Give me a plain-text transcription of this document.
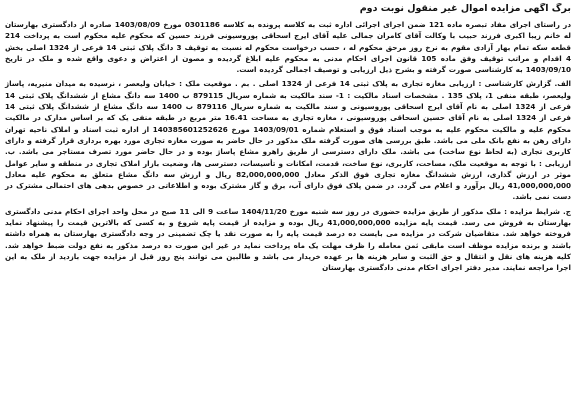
برگ آگهی مزایده اموال غیر منقول نوبت دوم

در راستای اجرای مفاد تبصره ماده 121 ضمن اجرای اجرائی اداره ثبت به کلاسه پرونده به کلاسه 0301186 مورخ 1403/08/09 صادره از دادگستری بهارستان له خانم زیبا اکبری فرزند حبیب با وکالت آقای کامران جمالی علیه آقای ایرج اسحاقی پوروسیونی فرزند حسین که محکوم علیه محکوم است به پرداخت 214 قطعه سکه تمام بهار آزادی مقوم به نرخ روز مرحق محکوم له ، حسب درخواست محکوم له نسبت به توقیف 3 دانگ پلاک ثبتی 14 فرعی از 1324 اصلی بخش 4 اقدام و مراتب توقیف وفق ماده 105 قانون اجرای احکام مدنی به محکوم علیه ابلاغ گردیده و مصون از اعتراض و دعوی واقع شده و ملک در تاریخ 1403/09/10 به کارشناسی صورت گرفته و بشرح ذیل ارزیابی و توصیف اجمالی گردیده است.

الف. گزارش کارشناسی : ارزیابی مغازه تجاری به پلاک ثبتی 14 فرعی از 1324 اصلی . بم . موقعیت ملک : خیابان ولیعصر ، نرسیده به میدان منیریه، پاساژ ولیعصر، طبقه منفی 1، پلاک 135 . مشخصات اسناد مالکیت : 1- سند مالکیت به شماره سریال 879115 ب 1400 سه دانگ مشاع از ششدانگ پلاک ثبتی 14 فرعی از 1324 اصلی به نام آقای ایرج اسحاقی پوروسیونی و سند مالکیت به شماره سریال 879116 ب 1400 سه دانگ مشاع از ششدانگ پلاک ثبتی 14 فرعی از 1324 اصلی به نام آقای حسین اسحاقی پوروسیونی ، مغازه تجاری به مساحت 16.41 متر مربع در طبقه منفی یک که بر اساس مدارک در مالکیت محکوم علیه و مالکیت محکوم علیه به موجب اسناد فوق و استعلام شماره 1403/09/01 مورخ 140385601252626 از اداره ثبت اسناد و املاک ناحیه تهران دارای رهن به نفع بانک ملی می باشد. طبق بررسی های صورت گرفته ملک مذکور در حال حاضر به صورت مغازه تجاری مورد بهره برداری قرار گرفته و دارای کاربری تجاری (به لحاظ نوع ساخت) می باشد. ملک دارای دسترسی از طریق راهرو مشاع پاساژ بوده و در حال حاضر مورد تصرف مستاجر می باشد. ب. ارزیابی : با توجه به موقعیت ملک، مساحت، کاربری، نوع ساخت، قدمت، امکانات و تأسیسات، دسترسی ها، وضعیت بازار املاک تجاری در منطقه و سایر عوامل موثر در ارزش گذاری، ارزش ششدانگ مغازه تجاری فوق الذکر معادل 82,000,000,000 ریال و ارزش سه دانگ مشاع متعلق به محکوم علیه معادل 41,000,000,000 ریال برآورد و اعلام می گردد. در ضمن پلاک فوق دارای آب، برق و گاز مشترک بوده و اطلاعاتی در خصوص بدهی های احتمالی مشترک در دست نمی باشد.

ج. شرایط مزایده : ملک مذکور از طریق مزایده حضوری در روز سه شنبه مورخ 1404/11/20 ساعت 9 الی 11 صبح در محل واحد اجرای احکام مدنی دادگستری بهارستان به فروش می رسد. قیمت پایه مزایده 41,000,000,000 ریال بوده و مزایده از قیمت پایه شروع و به کسی که بالاترین قیمت را پیشنهاد نماید فروخته خواهد شد. متقاضیان شرکت در مزایده می بایست ده درصد قیمت پایه را به صورت نقد یا چک تضمینی در وجه دادگستری بهارستان به همراه داشته باشند و برنده مزایده موظف است مابقی ثمن معامله را ظرف مهلت یک ماه پرداخت نماید در غیر این صورت ده درصد مذکور به نفع دولت ضبط خواهد شد. کلیه هزینه های نقل و انتقال و حق الثبت و سایر هزینه ها بر عهده خریدار می باشد و طالبین می توانند پنج روز قبل از مزایده جهت بازدید از ملک به این اجرا مراجعه نمایند. مدیر دفتر اجرای احکام مدنی دادگستری بهارستان
